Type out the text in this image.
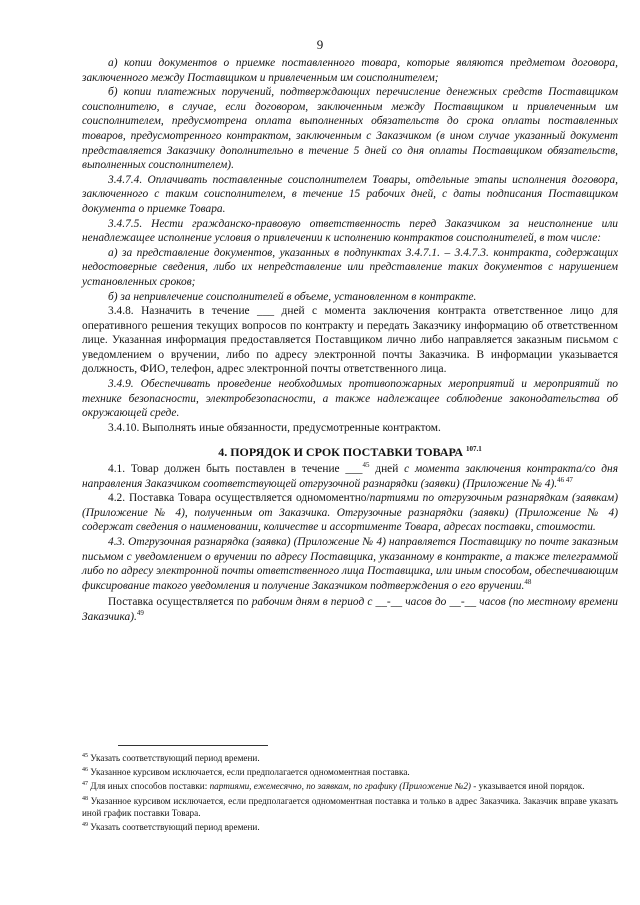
9

а) копии документов о приемке поставленного товара, которые являются предметом договора, заключенного между Поставщиком и привлеченным им соисполнителем;

б) копии платежных поручений, подтверждающих перечисление денежных средств Поставщиком соисполнителю, в случае, если договором, заключенным между Поставщиком и привлеченным им соисполнителем, предусмотрена оплата выполненных обязательств до срока оплаты поставленных товаров, предусмотренного контрактом, заключенным с Заказчиком (в ином случае указанный документ представляется Заказчику дополнительно в течение 5 дней со дня оплаты Поставщиком обязательств, выполненных соисполнителем).

3.4.7.4. Оплачивать поставленные соисполнителем Товары, отдельные этапы исполнения договора, заключенного с таким соисполнителем, в течение 15 рабочих дней, с даты подписания Поставщиком документа о приемке Товара.

3.4.7.5. Нести гражданско-правовую ответственность перед Заказчиком за неисполнение или ненадлежащее исполнение условия о привлечении к исполнению контрактов соисполнителей, в том числе:

а) за представление документов, указанных в подпунктах 3.4.7.1. – 3.4.7.3. контракта, содержащих недостоверные сведения, либо их непредставление или представление таких документов с нарушением установленных сроков;

б) за непривлечение соисполнителей в объеме, установленном в контракте.

3.4.8. Назначить в течение ___ дней с момента заключения контракта ответственное лицо для оперативного решения текущих вопросов по контракту и передать Заказчику информацию об ответственном лице. Указанная информация предоставляется Поставщиком лично либо направляется заказным письмом с уведомлением о вручении, либо по адресу электронной почты Заказчика. В информации указывается должность, ФИО, телефон, адрес электронной почты ответственного лица.

3.4.9. Обеспечивать проведение необходимых противопожарных мероприятий и мероприятий по технике безопасности, электробезопасности, а также надлежащее соблюдение законодательства об окружающей среде.

3.4.10. Выполнять иные обязанности, предусмотренные контрактом.

4. ПОРЯДОК И СРОК ПОСТАВКИ ТОВАРА $^{107.1}$

4.1. Товар должен быть поставлен в течение ___$^{45}$ дней с момента заключения контракта/со дня направления Заказчиком соответствующей отгрузочной разнарядки (заявки) (Приложение № 4).$^{46 47}$

4.2. Поставка Товара осуществляется одномоментно/партиями по отгрузочным разнарядкам (заявкам) (Приложение № 4), полученным от Заказчика. Отгрузочные разнарядки (заявки) (Приложение № 4) содержат сведения о наименовании, количестве и ассортименте Товара, адресах поставки, стоимости.

4.3. Отгрузочная разнарядка (заявка) (Приложение № 4) направляется Поставщику по почте заказным письмом с уведомлением о вручении по адресу Поставщика, указанному в контракте, а также телеграммой либо по адресу электронной почты ответственного лица Поставщика, или иным способом, обеспечивающим фиксирование такого уведомления и получение Заказчиком подтверждения о его вручении.$^{48}$

Поставка осуществляется по рабочим дням в период с __-__ часов до __-__ часов (по местному времени Заказчика).$^{49}$

$^{45}$ Указать соответствующий период времени.

$^{46}$ Указанное курсивом исключается, если предполагается одномоментная поставка.

$^{47}$ Для иных способов поставки: партиями, ежемесячно, по заявкам, по графику (Приложение №2) - указывается иной порядок.

$^{48}$ Указанное курсивом исключается, если предполагается одномоментная поставка и только в адрес Заказчика. Заказчик вправе указать иной график поставки Товара.

$^{49}$ Указать соответствующий период времени.
